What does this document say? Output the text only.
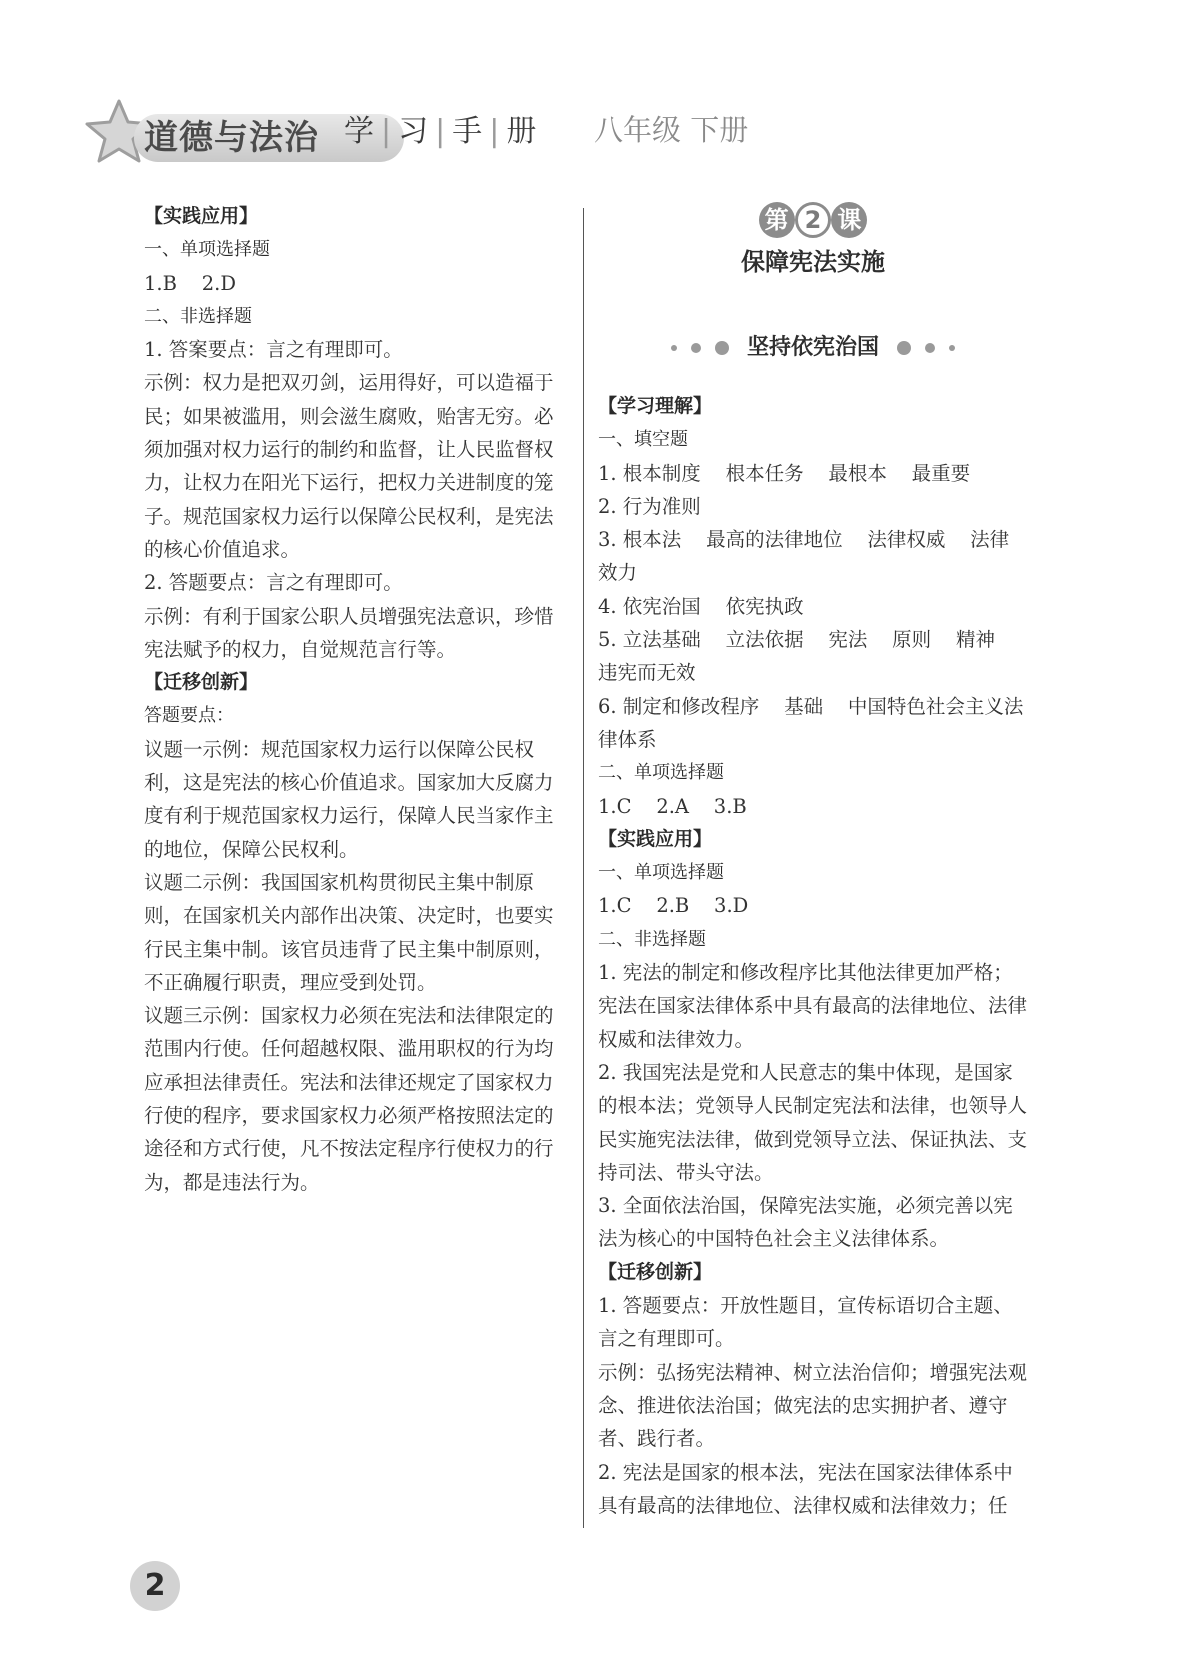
道德与法治 学 | 习 | 手 | 册 八年级 下册
【实践应用】
一、单项选择题
1.B    2.D
二、非选择题
1. 答案要点：言之有理即可。
示例：权力是把双刃剑，运用得好，可以造福于民；如果被滥用，则会滋生腐败，贻害无穷。必须加强对权力运行的制约和监督，让人民监督权力，让权力在阳光下运行，把权力关进制度的笼子。规范国家权力运行以保障公民权利，是宪法的核心价值追求。
2. 答题要点：言之有理即可。
示例：有利于国家公职人员增强宪法意识，珍惜宪法赋予的权力，自觉规范言行等。
【迁移创新】
答题要点：
议题一示例：规范国家权力运行以保障公民权利，这是宪法的核心价值追求。国家加大反腐力度有利于规范国家权力运行，保障人民当家作主的地位，保障公民权利。
议题二示例：我国国家机构贯彻民主集中制原则，在国家机关内部作出决策、决定时，也要实行民主集中制。该官员违背了民主集中制原则，不正确履行职责，理应受到处罚。
议题三示例：国家权力必须在宪法和法律限定的范围内行使。任何超越权限、滥用职权的行为均应承担法律责任。宪法和法律还规定了国家权力行使的程序，要求国家权力必须严格按照法定的途径和方式行使，凡不按法定程序行使权力的行为，都是违法行为。
第 2 课
保障宪法实施
坚持依宪治国
【学习理解】
一、填空题
1. 根本制度    根本任务    最根本    最重要
2. 行为准则
3. 根本法    最高的法律地位    法律权威    法律效力
4. 依宪治国    依宪执政
5. 立法基础    立法依据    宪法    原则    精神
违宪而无效
6. 制定和修改程序    基础    中国特色社会主义法律体系
二、单项选择题
1.C    2.A    3.B
【实践应用】
一、单项选择题
1.C    2.B    3.D
二、非选择题
1. 宪法的制定和修改程序比其他法律更加严格；宪法在国家法律体系中具有最高的法律地位、法律权威和法律效力。
2. 我国宪法是党和人民意志的集中体现，是国家的根本法；党领导人民制定宪法和法律，也领导人民实施宪法法律，做到党领导立法、保证执法、支持司法、带头守法。
3. 全面依法治国，保障宪法实施，必须完善以宪法为核心的中国特色社会主义法律体系。
【迁移创新】
1. 答题要点：开放性题目，宣传标语切合主题、言之有理即可。
示例：弘扬宪法精神、树立法治信仰；增强宪法观念、推进依法治国；做宪法的忠实拥护者、遵守者、践行者。
2. 宪法是国家的根本法，宪法在国家法律体系中具有最高的法律地位、法律权威和法律效力；任
2
